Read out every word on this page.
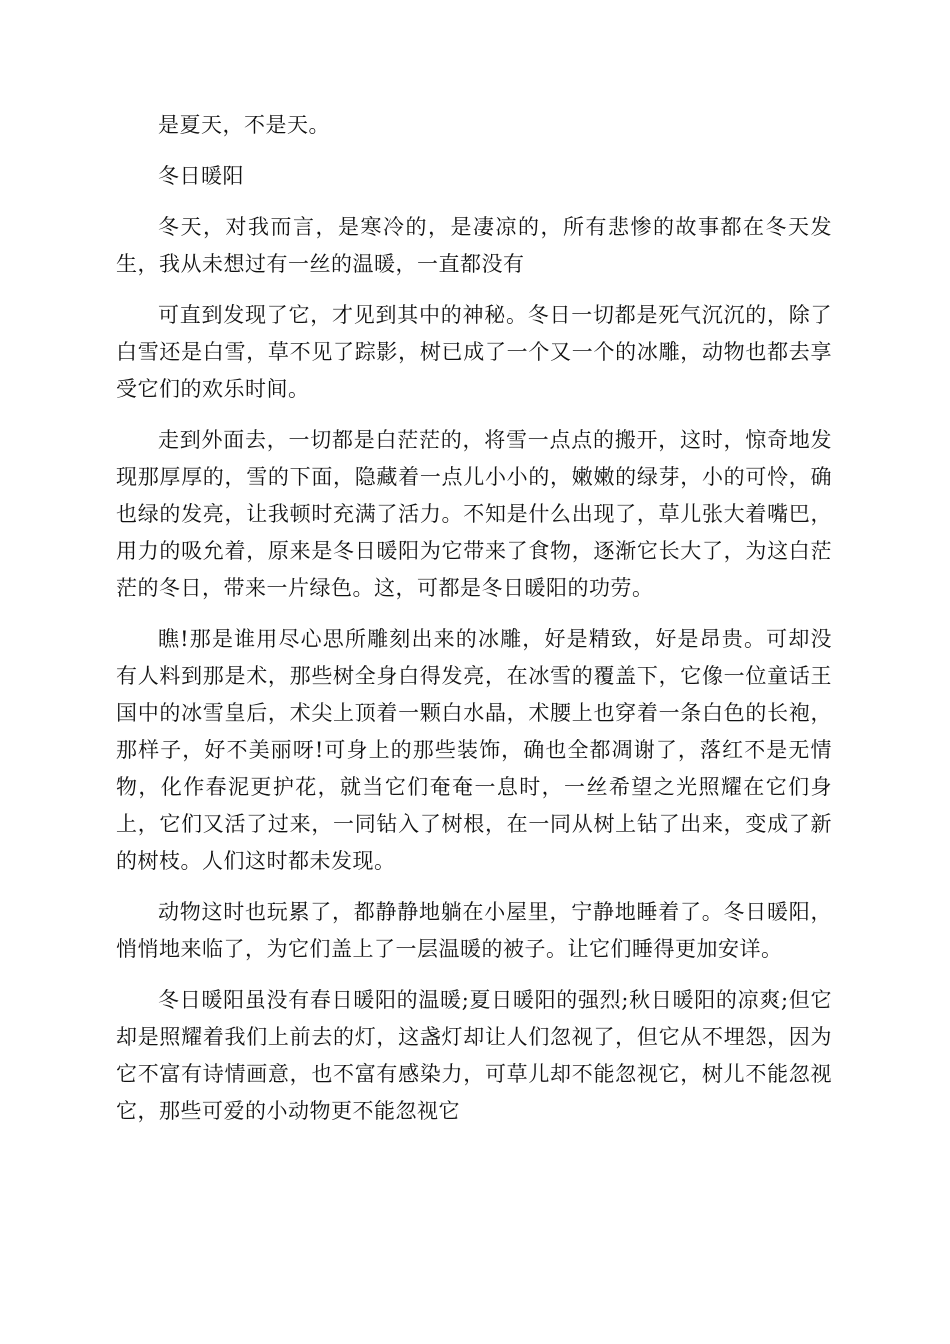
是夏天，不是天。

冬日暖阳

冬天，对我而言，是寒冷的，是凄凉的，所有悲惨的故事都在冬天发生，我从未想过有一丝的温暖，一直都没有

可直到发现了它，才见到其中的神秘。冬日一切都是死气沉沉的，除了白雪还是白雪，草不见了踪影，树已成了一个又一个的冰雕，动物也都去享受它们的欢乐时间。

走到外面去，一切都是白茫茫的，将雪一点点的搬开，这时，惊奇地发现那厚厚的，雪的下面，隐藏着一点儿小小的，嫩嫩的绿芽，小的可怜，确也绿的发亮，让我顿时充满了活力。不知是什么出现了，草儿张大着嘴巴，用力的吸允着，原来是冬日暖阳为它带来了食物，逐渐它长大了，为这白茫茫的冬日，带来一片绿色。这，可都是冬日暖阳的功劳。

瞧!那是谁用尽心思所雕刻出来的冰雕，好是精致，好是昂贵。可却没有人料到那是术，那些树全身白得发亮，在冰雪的覆盖下，它像一位童话王国中的冰雪皇后，术尖上顶着一颗白水晶，术腰上也穿着一条白色的长袍，那样子，好不美丽呀!可身上的那些装饰，确也全都凋谢了，落红不是无情物，化作春泥更护花，就当它们奄奄一息时，一丝希望之光照耀在它们身上，它们又活了过来，一同钻入了树根，在一同从树上钻了出来，变成了新的树枝。人们这时都未发现。

动物这时也玩累了，都静静地躺在小屋里，宁静地睡着了。冬日暖阳，悄悄地来临了，为它们盖上了一层温暖的被子。让它们睡得更加安详。

冬日暖阳虽没有春日暖阳的温暖;夏日暖阳的强烈;秋日暖阳的凉爽;但它却是照耀着我们上前去的灯，这盏灯却让人们忽视了，但它从不埋怨，因为它不富有诗情画意，也不富有感染力，可草儿却不能忽视它，树儿不能忽视它，那些可爱的小动物更不能忽视它
